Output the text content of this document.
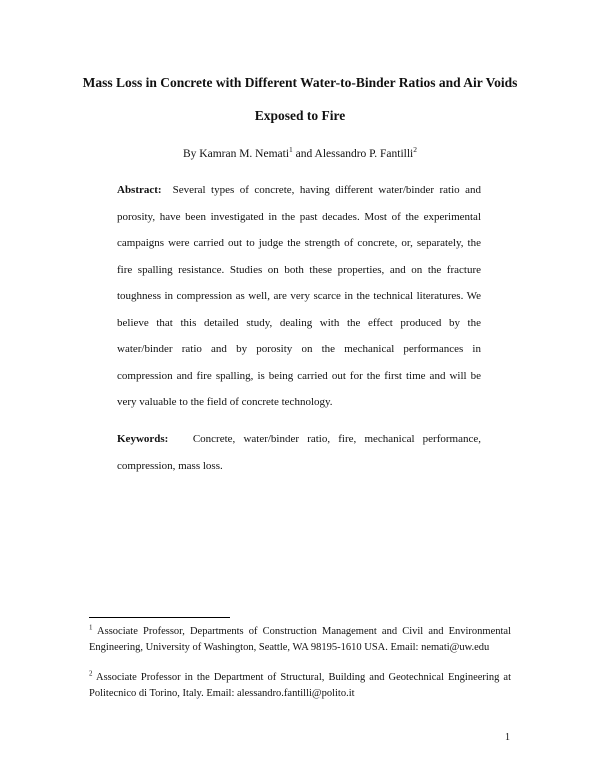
Mass Loss in Concrete with Different Water-to-Binder Ratios and Air Voids Exposed to Fire
By Kamran M. Nemati$^1$ and Alessandro P. Fantilli$^2$

Abstract: Several types of concrete, having different water/binder ratio and porosity, have been investigated in the past decades. Most of the experimental campaigns were carried out to judge the strength of concrete, or, separately, the fire spalling resistance. Studies on both these properties, and on the fracture toughness in compression as well, are very scarce in the technical literatures. We believe that this detailed study, dealing with the effect produced by the water/binder ratio and by porosity on the mechanical performances in compression and fire spalling, is being carried out for the first time and will be very valuable to the field of concrete technology.

Keywords: Concrete, water/binder ratio, fire, mechanical performance, compression, mass loss.

$^1$ Associate Professor, Departments of Construction Management and Civil and Environmental Engineering, University of Washington, Seattle, WA 98195-1610 USA. Email: nemati@uw.edu

$^2$ Associate Professor in the Department of Structural, Building and Geotechnical Engineering at Politecnico di Torino, Italy. Email: alessandro.fantilli@polito.it

1
